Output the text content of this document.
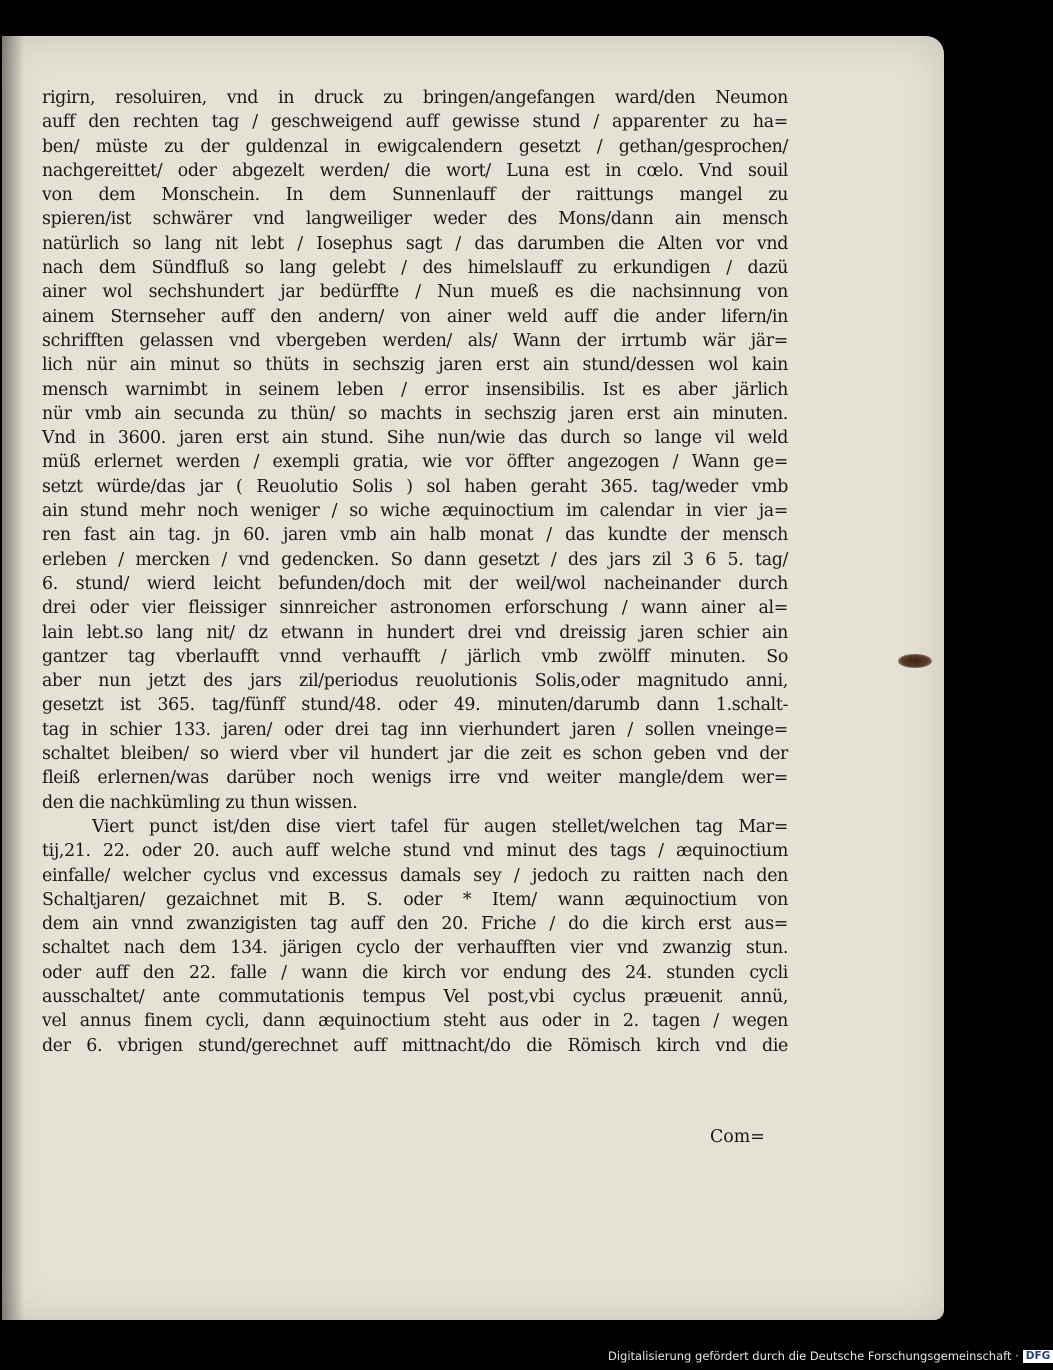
rigirn, resoluiren, vnd in druck zu bringen/angefangen ward/den Neumon
auff den rechten tag / geschweigend auff gewisse stund / apparenter zu ha=
ben/ müste zu der guldenzal in ewigcalendern gesetzt / gethan/gesprochen/
nachgereittet/ oder abgezelt werden/ die wort/ Luna est in cœlo. Vnd souil
von dem Monschein. In dem Sunnenlauff der raittungs mangel zu
spieren/ist schwärer vnd langweiliger weder des Mons/dann ain mensch
natürlich so lang nit lebt / Iosephus sagt / das darumben die Alten vor vnd
nach dem Sündfluß so lang gelebt / des himelslauff zu erkundigen / dazü
ainer wol sechshundert jar bedürffte / Nun mueß es die nachsinnung von
ainem Sternseher auff den andern/ von ainer weld auff die ander lifern/in
schrifften gelassen vnd vbergeben werden/ als/ Wann der irrtumb wär jär=
lich nür ain minut so thüts in sechszig jaren erst ain stund/dessen wol kain
mensch warnimbt in seinem leben / error insensibilis. Ist es aber järlich
nür vmb ain secunda zu thün/ so machts in sechszig jaren erst ain minuten.
Vnd in 3600. jaren erst ain stund. Sihe nun/wie das durch so lange vil weld
müß erlernet werden / exempli gratia, wie vor öffter angezogen / Wann ge=
setzt würde/das jar ( Reuolutio Solis ) sol haben geraht 365. tag/weder vmb
ain stund mehr noch weniger / so wiche æquinoctium im calendar in vier ja=
ren fast ain tag. jn 60. jaren vmb ain halb monat / das kundte der mensch
erleben / mercken / vnd gedencken. So dann gesetzt / des jars zil 3 6 5. tag/
6. stund/ wierd leicht befunden/doch mit der weil/wol nacheinander durch
drei oder vier fleissiger sinnreicher astronomen erforschung / wann ainer al=
lain lebt.so lang nit/ dz etwann in hundert drei vnd dreissig jaren schier ain
gantzer tag vberlaufft vnnd verhaufft / järlich vmb zwölff minuten. So
aber nun jetzt des jars zil/periodus reuolutionis Solis,oder magnitudo anni,
gesetzt ist 365. tag/fünff stund/48. oder 49. minuten/darumb dann 1.schalt-
tag in schier 133. jaren/ oder drei tag inn vierhundert jaren / sollen vneinge=
schaltet bleiben/ so wierd vber vil hundert jar die zeit es schon geben vnd der
fleiß erlernen/was darüber noch wenigs irre vnd weiter mangle/dem wer=
den die nachkümling zu thun wissen.
Viert punct ist/den dise viert tafel für augen stellet/welchen tag Mar=
tij,21. 22. oder 20. auch auff welche stund vnd minut des tags / æquinoctium
einfalle/ welcher cyclus vnd excessus damals sey / jedoch zu raitten nach den
Schaltjaren/ gezaichnet mit B. S. oder * Item/ wann æquinoctium von
dem ain vnnd zwanzigisten tag auff den 20. Friche / do die kirch erst aus=
schaltet nach dem 134. järigen cyclo der verhaufften vier vnd zwanzig stun.
oder auff den 22. falle / wann die kirch vor endung des 24. stunden cycli
ausschaltet/ ante commutationis tempus Vel post,vbi cyclus præuenit annü,
vel annus finem cycli, dann æquinoctium steht aus oder in 2. tagen / wegen
der 6. vbrigen stund/gerechnet auff mittnacht/do die Römisch kirch vnd die
Com=
Digitalisierung gefördert durch die Deutsche Forschungsgemeinschaft · DFG
